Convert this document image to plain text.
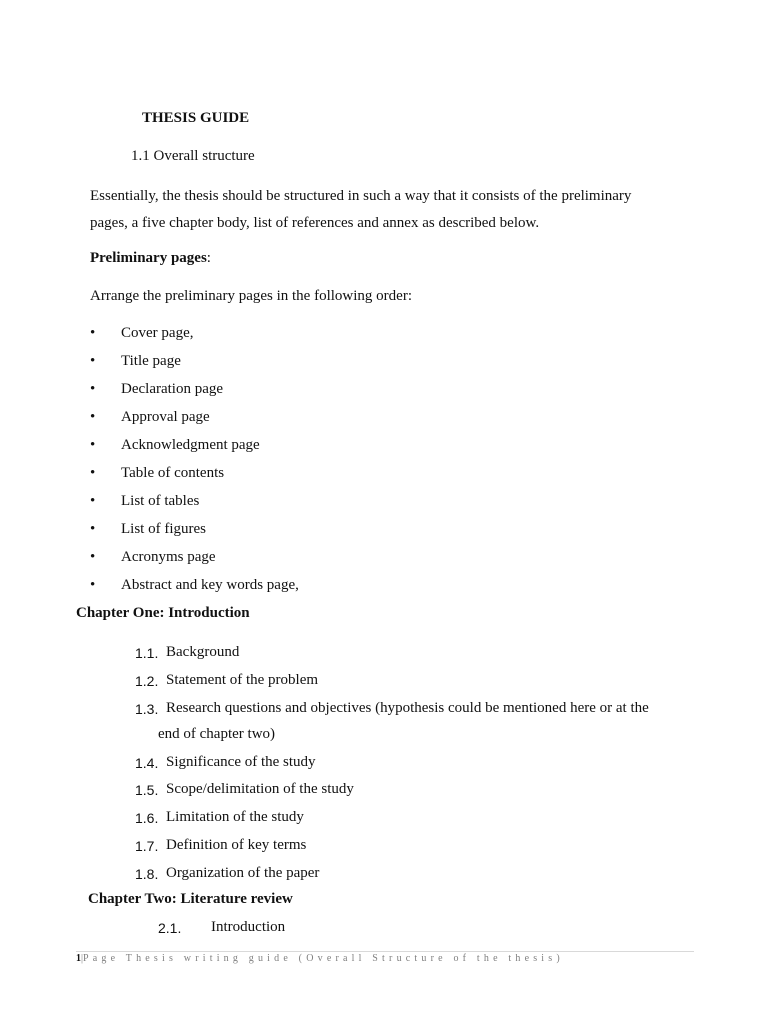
THESIS GUIDE
1.1 Overall structure
Essentially, the thesis should be structured in such a way that it consists of the preliminary pages, a five chapter body, list of references and annex as described below.
Preliminary pages:
Arrange the preliminary pages in the following order:
• Cover page,
• Title page
• Declaration page
• Approval page
• Acknowledgment page
• Table of contents
• List of tables
• List of figures
• Acronyms page
• Abstract and key words page,
Chapter One: Introduction
1.1. Background
1.2. Statement of the problem
1.3. Research questions and objectives (hypothesis could be mentioned here or at the
end of chapter two)
1.4. Significance of the study
1.5. Scope/delimitation of the study
1.6. Limitation of the study
1.7. Definition of key terms
1.8. Organization of the paper
Chapter Two: Literature review
2.1. Introduction
1|Page Thesis writing guide (Overall Structure of the thesis)
